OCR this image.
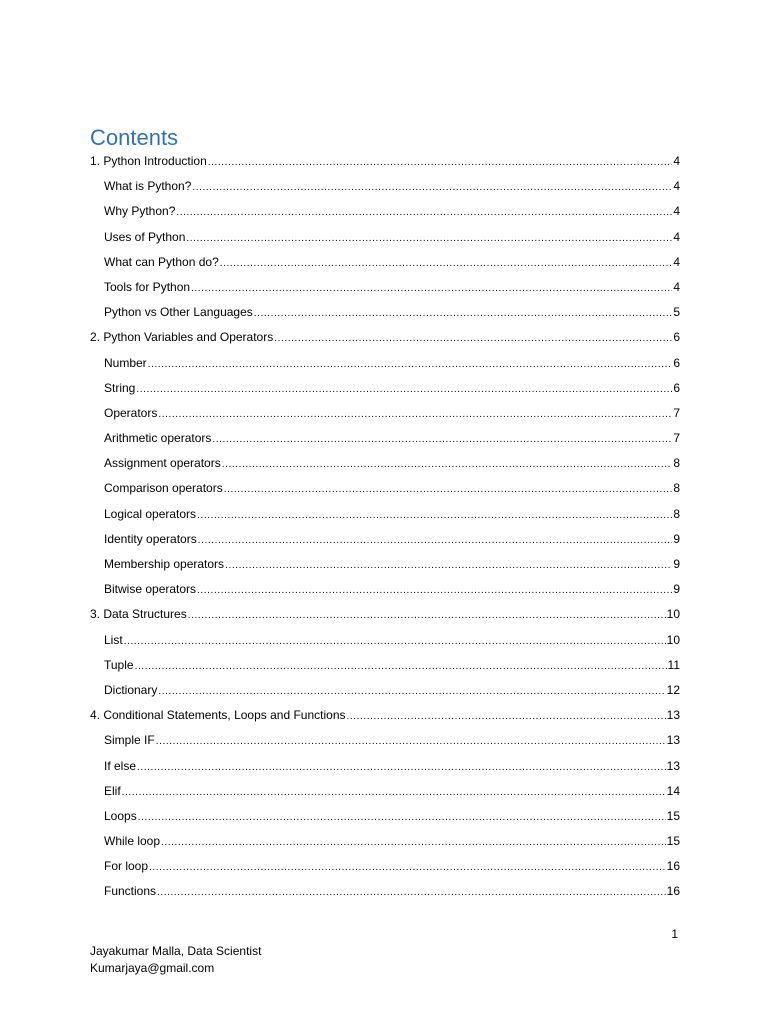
Contents
1. Python Introduction .....	4
What is Python? .....	4
Why Python? .....	4
Uses of Python .....	4
What can Python do? .....	4
Tools for Python .....	4
Python vs Other Languages .....	5
2. Python Variables and Operators .....	6
Number .....	6
String .....	6
Operators .....	7
Arithmetic operators .....	7
Assignment operators .....	8
Comparison operators .....	8
Logical operators .....	8
Identity operators .....	9
Membership operators .....	9
Bitwise operators .....	9
3. Data Structures .....	10
List .....	10
Tuple .....	11
Dictionary .....	12
4. Conditional Statements, Loops and Functions .....	13
Simple IF .....	13
If else .....	13
Elif .....	14
Loops .....	15
While loop .....	15
For loop .....	16
Functions .....	16
1
Jayakumar Malla, Data Scientist
Kumarjaya@gmail.com
